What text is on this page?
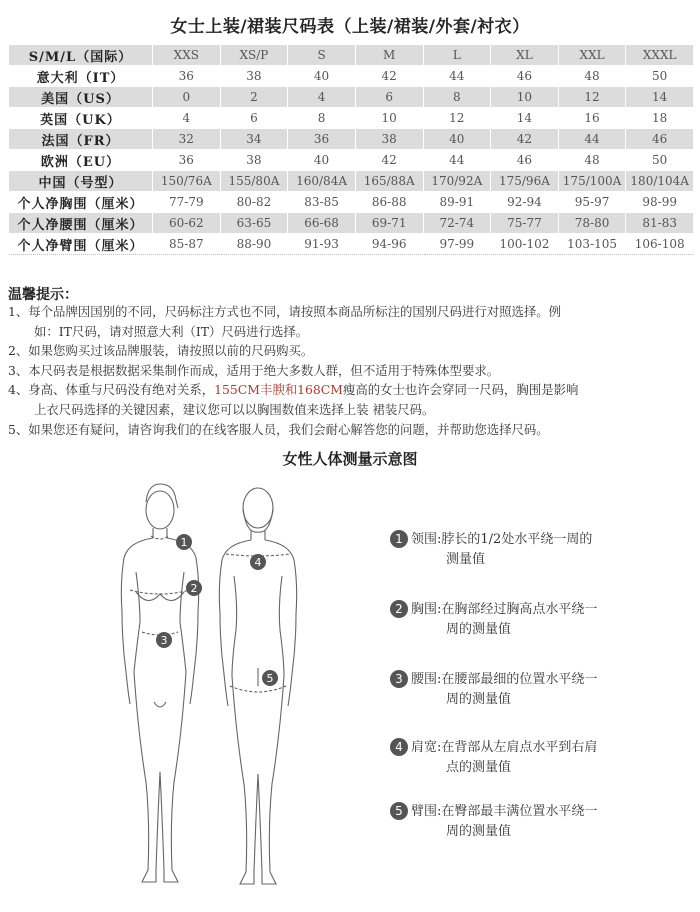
女士上装/裙装尺码表（上装/裙装/外套/衬衣）
S/M/L（国际）	XXS	XS/P	S	M	L	XL	XXL	XXXL
意大利（IT）	36	38	40	42	44	46	48	50
美国（US）	0	2	4	6	8	10	12	14
英国（UK）	4	6	8	10	12	14	16	18
法国（FR）	32	34	36	38	40	42	44	46
欧洲（EU）	36	38	40	42	44	46	48	50
中国（号型）	150/76A	155/80A	160/84A	165/88A	170/92A	175/96A	175/100A	180/104A
个人净胸围（厘米）	77-79	80-82	83-85	86-88	89-91	92-94	95-97	98-99
个人净腰围（厘米）	60-62	63-65	66-68	69-71	72-74	75-77	78-80	81-83
个人净臂围（厘米）	85-87	88-90	91-93	94-96	97-99	100-102	103-105	106-108
温馨提示：
1、每个品牌因国别的不同，尺码标注方式也不同，请按照本商品所标注的国别尺码进行对照选择。例
如：IT尺码，请对照意大利（IT）尺码进行选择。
2、如果您购买过该品牌服装，请按照以前的尺码购买。
3、本尺码表是根据数据采集制作而成，适用于绝大多数人群，但不适用于特殊体型要求。
4、身高、体重与尺码没有绝对关系，155CM丰腴和168CM瘦高的女士也许会穿同一尺码，胸围是影响
上衣尺码选择的关键因素，建议您可以以胸围数值来选择上装 裙装尺码。
5、如果您还有疑问，请咨询我们的在线客服人员，我们会耐心解答您的问题，并帮助您选择尺码。
女性人体测量示意图
1
2
3
4
5
1 领围:脖长的1/2处水平绕一周的
测量值
2 胸围:在胸部经过胸高点水平绕一
周的测量值
3 腰围:在腰部最细的位置水平绕一
周的测量值
4 肩宽:在背部从左肩点水平到右肩
点的测量值
5 臂围:在臀部最丰满位置水平绕一
周的测量值
